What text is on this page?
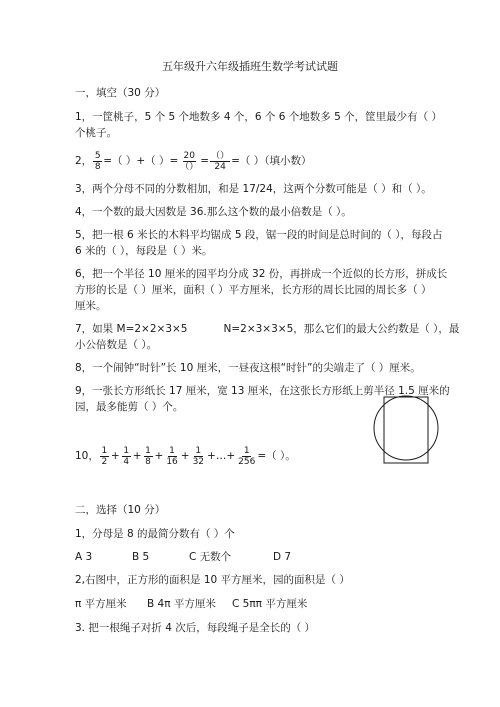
五年级升六年级插班生数学考试试题
一，填空（30 分）
1，一筐桃子，5 个 5 个地数多 4 个，6 个 6 个地数多 5 个，筐里最少有（ ）
个桃子。
2， $\frac{5}{8}$ =（ ）+（ ）= $\frac{20}{()} = \frac{()}{24}$ =（ ）（填小数）
3，两个分母不同的分数相加，和是 17/24，这两个分数可能是（ ）和（ ）。
4，一个数的最大因数是 36.那么这个数的最小倍数是（ ）。
5，把一根 6 米长的木料平均锯成 5 段，锯一段的时间是总时间的（ ），每段占
6 米的（ ），每段是（ ）米。
6，把一个半径 10 厘米的园平均分成 32 份，再拼成一个近似的长方形，拼成长
方形的长是（ ）厘米，面积（ ）平方厘米，长方形的周长比园的周长多（ ）
厘米。
7，如果 M=2×2×3×5	N=2×3×3×5，那么它们的最大公约数是（ ），最
小公倍数是（ ）。
8，一个闹钟“时针”长 10 厘米，一昼夜这根“时针”的尖端走了（ ）厘米。
9，一张长方形纸长 17 厘米，宽 13 厘米，在这张长方形纸上剪半径 1.5 厘米的
园，最多能剪（ ）个。
10， $\frac{1}{2} + \frac{1}{4} + \frac{1}{8} + \frac{1}{16} + \frac{1}{32}$ +…+ $\frac{1}{256}$ =（ ）。
二，选择（10 分）
1，分母是 8 的最简分数有（ ）个
A 3	B 5	C 无数个	D 7
2,右图中，正方形的面积是 10 平方厘米，园的面积是（ ）
π 平方厘米 B 4π 平方厘米 C 5ππ 平方厘米
3. 把一根绳子对折 4 次后，每段绳子是全长的（ ）
